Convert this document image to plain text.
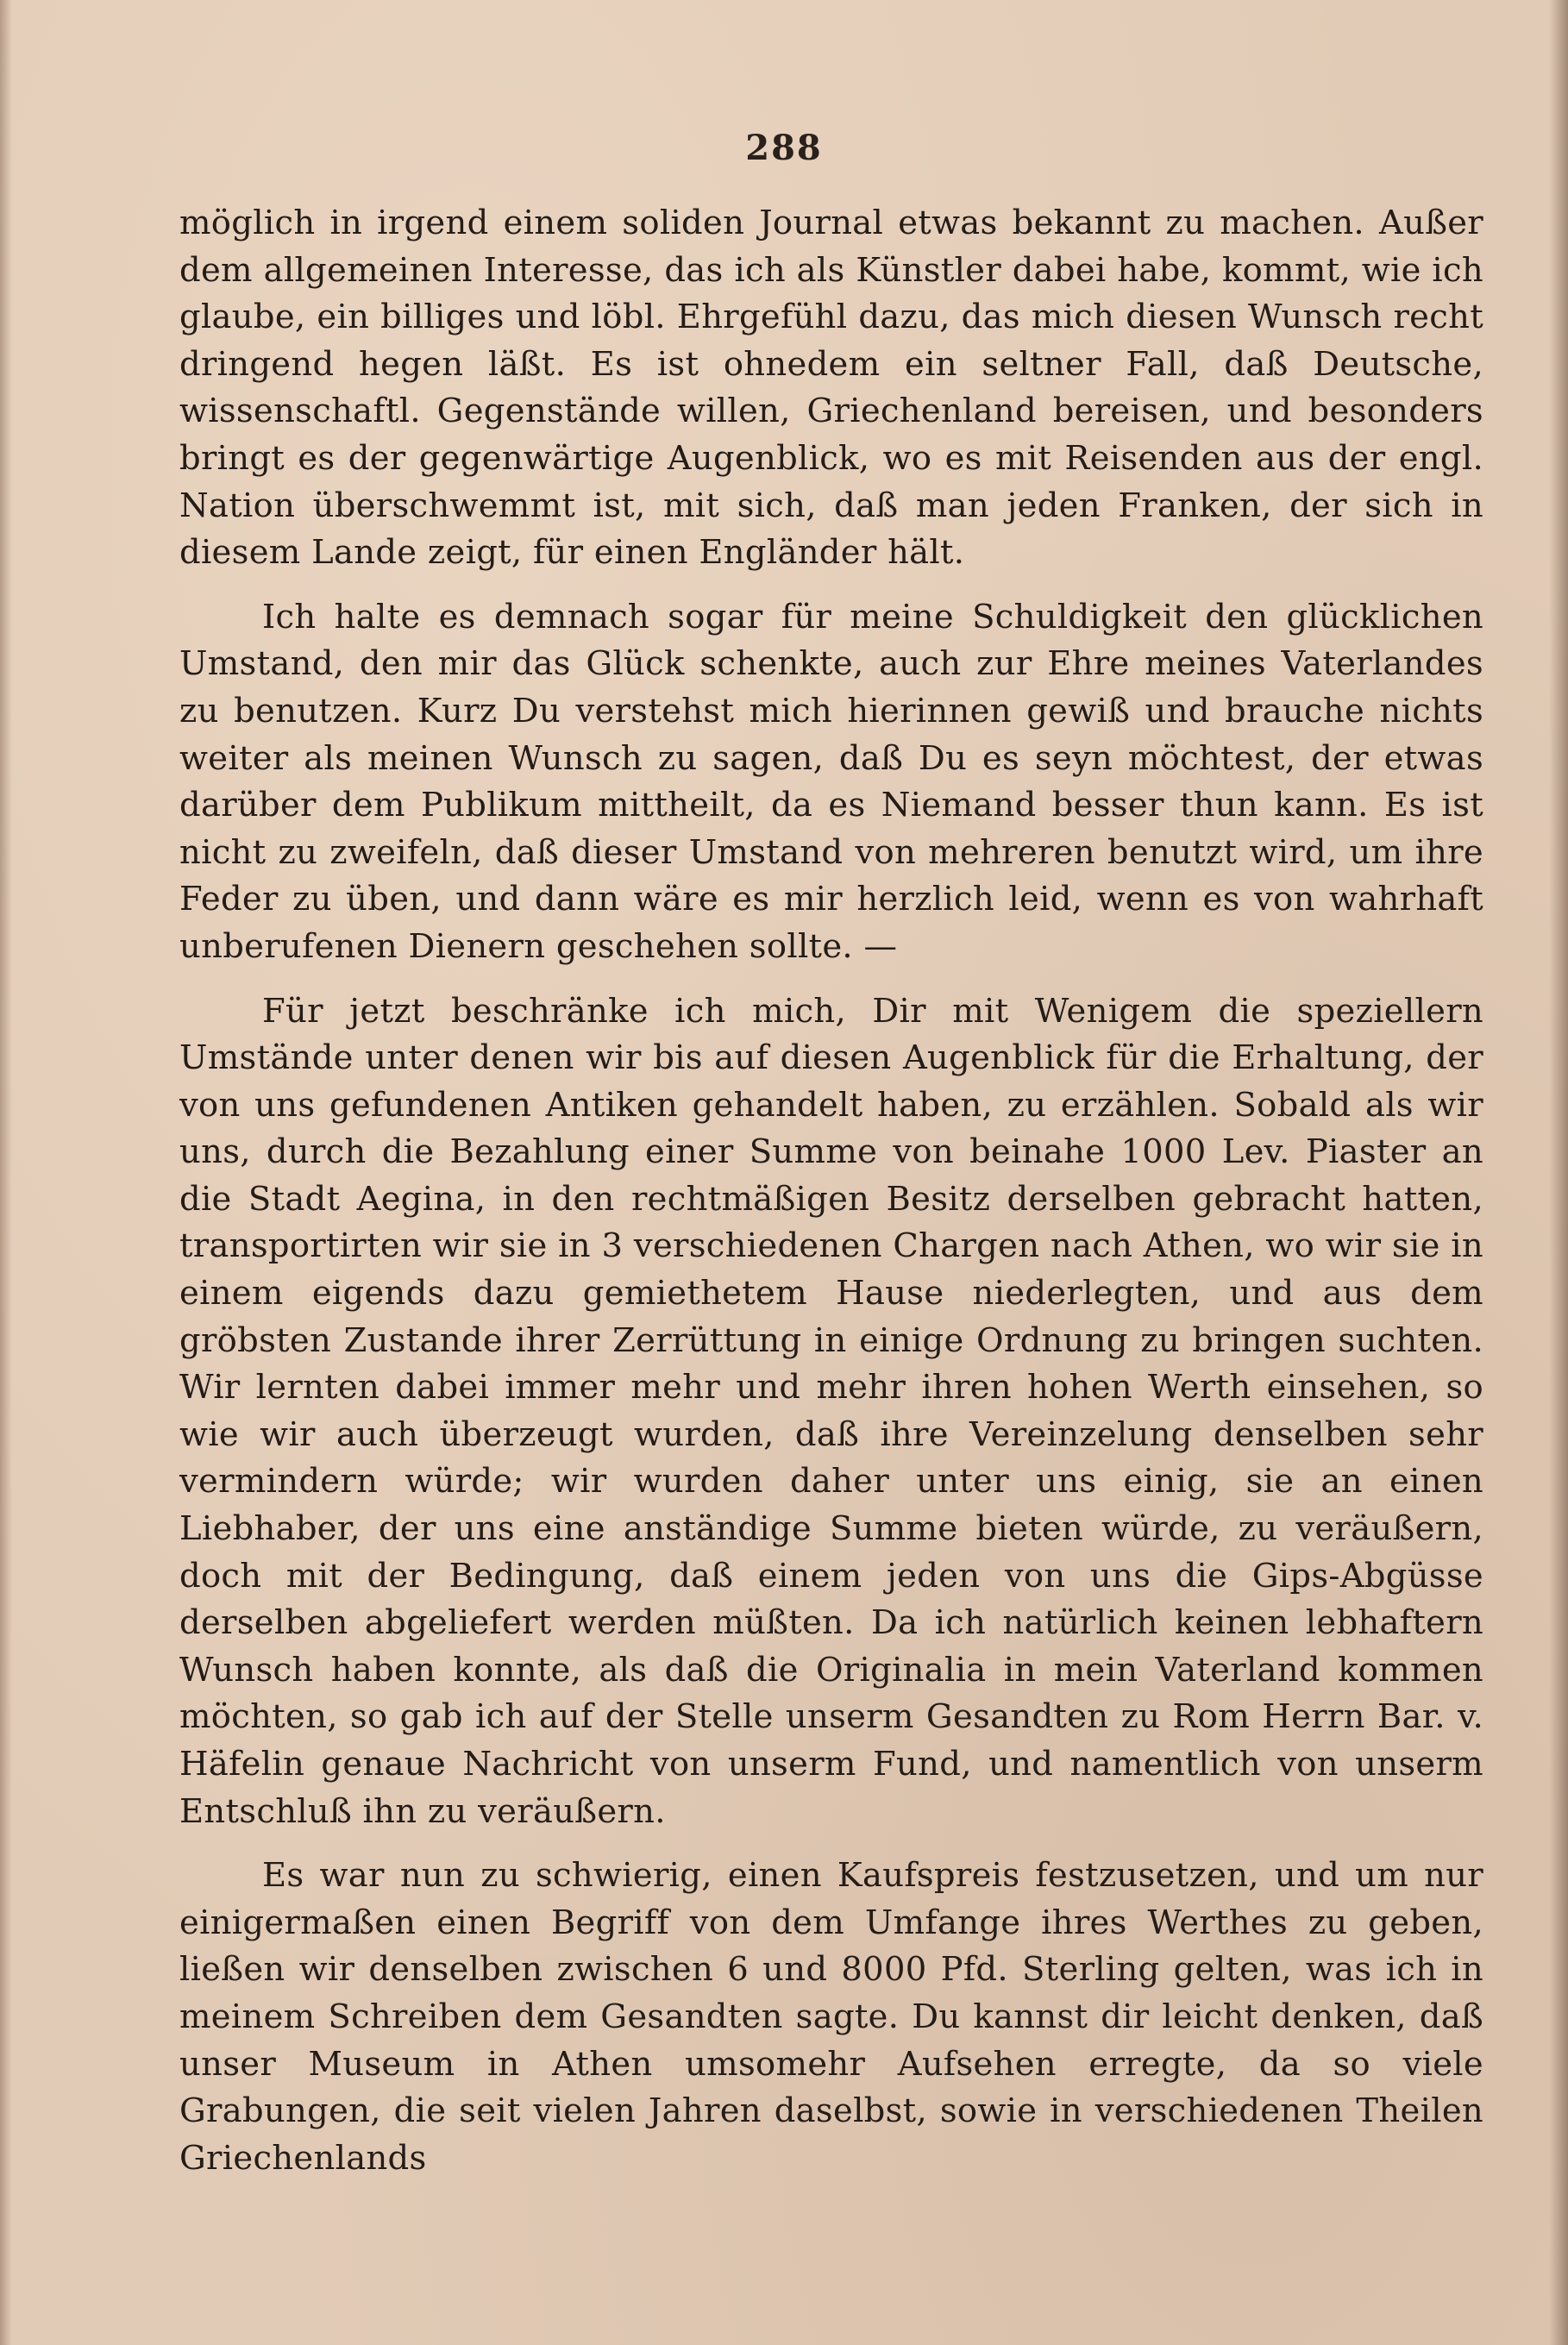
288

möglich in irgend einem soliden Journal etwas bekannt zu machen. Außer dem allgemeinen Interesse, das ich als Künstler dabei habe, kommt, wie ich glaube, ein billiges und löbl. Ehrgefühl dazu, das mich diesen Wunsch recht dringend hegen läßt. Es ist ohnedem ein seltner Fall, daß Deutsche, wissenschaftl. Gegenstände willen, Griechenland bereisen, und besonders bringt es der gegenwärtige Augenblick, wo es mit Reisenden aus der engl. Nation überschwemmt ist, mit sich, daß man jeden Franken, der sich in diesem Lande zeigt, für einen Engländer hält.

Ich halte es demnach sogar für meine Schuldigkeit den glücklichen Umstand, den mir das Glück schenkte, auch zur Ehre meines Vaterlandes zu benutzen. Kurz Du verstehst mich hierinnen gewiß und brauche nichts weiter als meinen Wunsch zu sagen, daß Du es seyn möchtest, der etwas darüber dem Publikum mittheilt, da es Niemand besser thun kann. Es ist nicht zu zweifeln, daß dieser Umstand von mehreren benutzt wird, um ihre Feder zu üben, und dann wäre es mir herzlich leid, wenn es von wahrhaft unberufenen Dienern geschehen sollte. —

Für jetzt beschränke ich mich, Dir mit Wenigem die speziellern Umstände unter denen wir bis auf diesen Augenblick für die Erhaltung, der von uns gefundenen Antiken gehandelt haben, zu erzählen. Sobald als wir uns, durch die Bezahlung einer Summe von beinahe 1000 Lev. Piaster an die Stadt Aegina, in den rechtmäßigen Besitz derselben gebracht hatten, transportirten wir sie in 3 verschiedenen Chargen nach Athen, wo wir sie in einem eigends dazu gemiethetem Hause niederlegten, und aus dem gröbsten Zustande ihrer Zerrüttung in einige Ordnung zu bringen suchten. Wir lernten dabei immer mehr und mehr ihren hohen Werth einsehen, so wie wir auch überzeugt wurden, daß ihre Vereinzelung denselben sehr vermindern würde; wir wurden daher unter uns einig, sie an einen Liebhaber, der uns eine anständige Summe bieten würde, zu veräußern, doch mit der Bedingung, daß einem jeden von uns die Gips-Abgüsse derselben abgeliefert werden müßten. Da ich natürlich keinen lebhaftern Wunsch haben konnte, als daß die Originalia in mein Vaterland kommen möchten, so gab ich auf der Stelle unserm Gesandten zu Rom Herrn Bar. v. Häfelin genaue Nachricht von unserm Fund, und namentlich von unserm Entschluß ihn zu veräußern.

Es war nun zu schwierig, einen Kaufspreis festzusetzen, und um nur einigermaßen einen Begriff von dem Umfange ihres Werthes zu geben, ließen wir denselben zwischen 6 und 8000 Pfd. Sterling gelten, was ich in meinem Schreiben dem Gesandten sagte. Du kannst dir leicht denken, daß unser Museum in Athen umsomehr Aufsehen erregte, da so viele Grabungen, die seit vielen Jahren daselbst, sowie in verschiedenen Theilen Griechenlands
